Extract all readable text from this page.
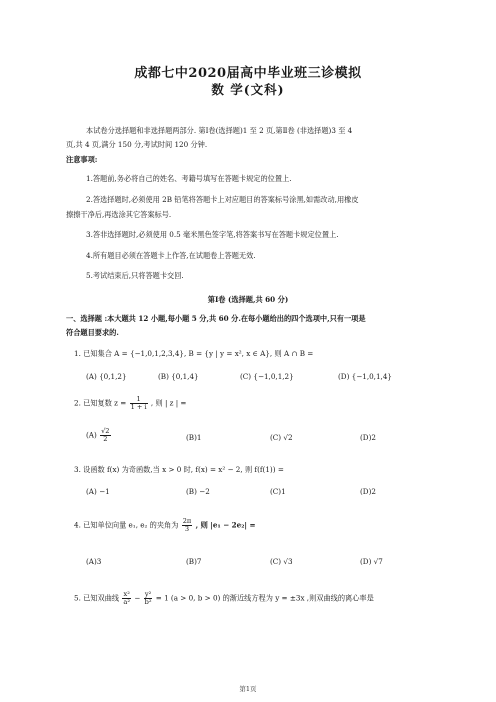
成都七中2020届高中毕业班三诊模拟
数 学(文科)
本试卷分选择题和非选择题两部分. 第Ⅰ卷(选择题)1 至 2 页,第Ⅱ卷 (非选择题)3 至 4
页,共 4 页,满分 150 分,考试时间 120 分钟.
注意事项:
1.答题前,务必将自己的姓名、考籍号填写在答题卡规定的位置上.
2.答选择题时,必须使用 2B 铅笔将答题卡上对应题目的答案标号涂黑,如需改动,用橡皮
擦擦干净后,再选涂其它答案标号.
3.答非选择题时,必须使用 0.5 毫米黑色签字笔,将答案书写在答题卡规定位置上.
4.所有题目必须在答题卡上作答,在试题卷上答题无效.
5.考试结束后,只将答题卡交回.
第Ⅰ卷 (选择题,共 60 分)
一、选择题 :本大题共 12 小题,每小题 5 分,共 60 分.在每小题给出的四个选项中,只有一项是
符合题目要求的.
1. 已知集合 A = {−1,0,1,2,3,4}, B = {y | y = x², x ∈ A}, 则 A ∩ B =
(A) {0,1,2}	(B) {0,1,4}	(C) {−1,0,1,2}	(D) {−1,0,1,4}
2. 已知复数 $z = \frac{1}{1 + i}$ , 则 | z | =
$(A) \frac{√2}{2}$	(B)1	(C) √2	(D)2
3. 设函数 f(x) 为奇函数,当 x > 0 时, f(x) = x² − 2, 则 f(f(1)) =
(A) −1	(B) −2	(C)1	(D)2
4. 已知单位向量 e₁, e₂ 的夹角为 $\frac{2\pi}{3}$ , 则 |e₁ − 2e₂| =
(A)3	(B)7	(C) √3	(D) √7
5. 已知双曲线 $\frac{\text{x²}}{\text{a²}} - \frac{\text{y²}}{\text{b²}} = 1$ (a > 0, b > 0) 的渐近线方程为 y = ±3x ,则双曲线的离心率是
第1页
